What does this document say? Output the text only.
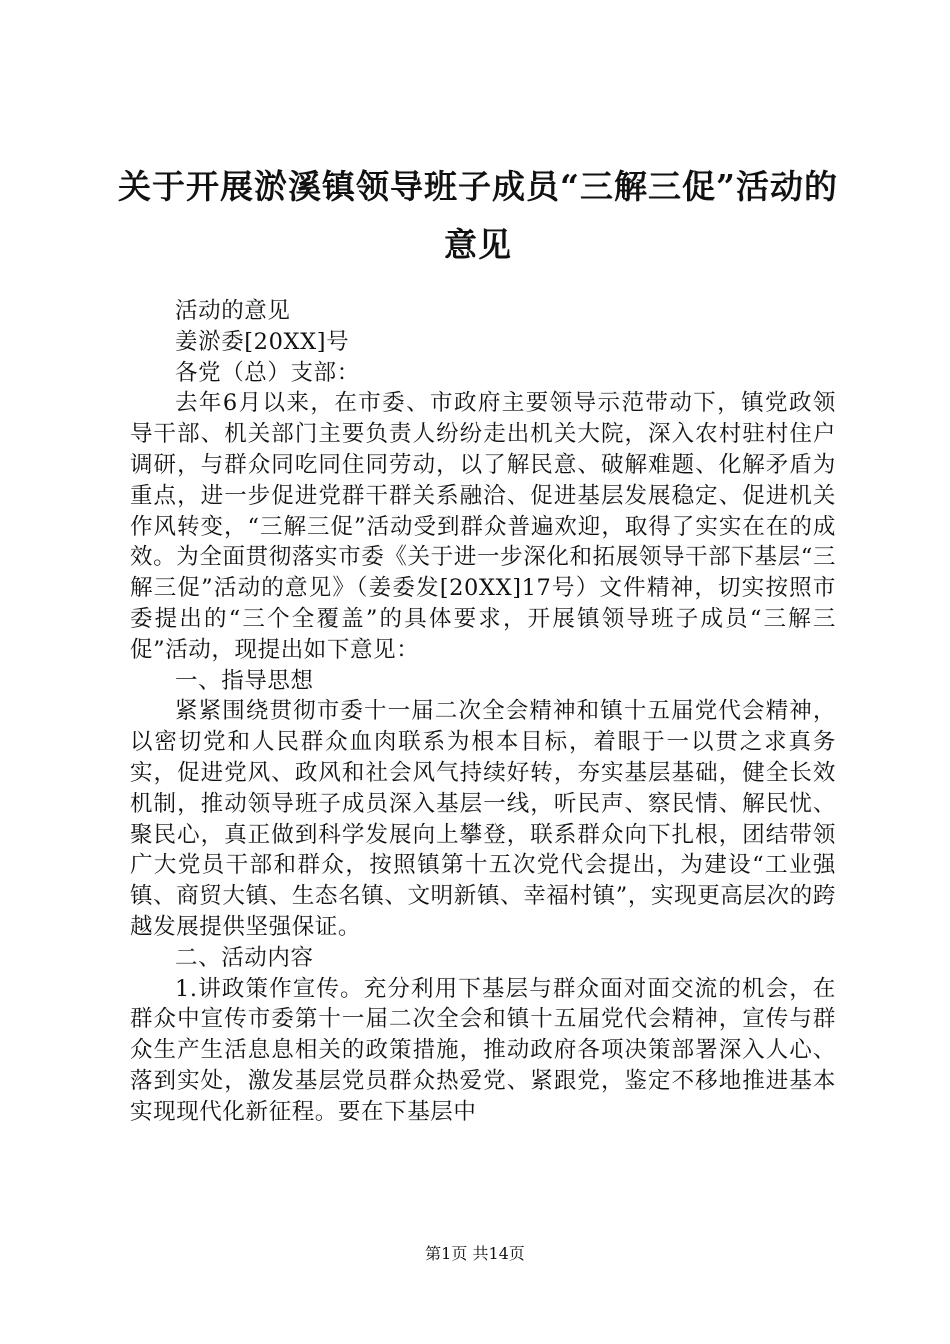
关于开展淤溪镇领导班子成员“三解三促”活动的意见

活动的意见

姜淤委[20XX]号

各党（总）支部：

去年6月以来，在市委、市政府主要领导示范带动下，镇党政领导干部、机关部门主要负责人纷纷走出机关大院，深入农村驻村住户调研，与群众同吃同住同劳动，以了解民意、破解难题、化解矛盾为重点，进一步促进党群干群关系融洽、促进基层发展稳定、促进机关作风转变，“三解三促”活动受到群众普遍欢迎，取得了实实在在的成效。为全面贯彻落实市委《关于进一步深化和拓展领导干部下基层“三解三促”活动的意见》（姜委发[20XX]17号）文件精神，切实按照市委提出的“三个全覆盖”的具体要求，开展镇领导班子成员“三解三促”活动，现提出如下意见：

一、指导思想

紧紧围绕贯彻市委十一届二次全会精神和镇十五届党代会精神，以密切党和人民群众血肉联系为根本目标，着眼于一以贯之求真务实，促进党风、政风和社会风气持续好转，夯实基层基础，健全长效机制，推动领导班子成员深入基层一线，听民声、察民情、解民忧、聚民心，真正做到科学发展向上攀登，联系群众向下扎根，团结带领广大党员干部和群众，按照镇第十五次党代会提出，为建设“工业强镇、商贸大镇、生态名镇、文明新镇、幸福村镇”，实现更高层次的跨越发展提供坚强保证。

二、活动内容

1.讲政策作宣传。充分利用下基层与群众面对面交流的机会，在群众中宣传市委第十一届二次全会和镇十五届党代会精神，宣传与群众生产生活息息相关的政策措施，推动政府各项决策部署深入人心、落到实处，激发基层党员群众热爱党、紧跟党，鉴定不移地推进基本实现现代化新征程。要在下基层中

第1页 共14页
